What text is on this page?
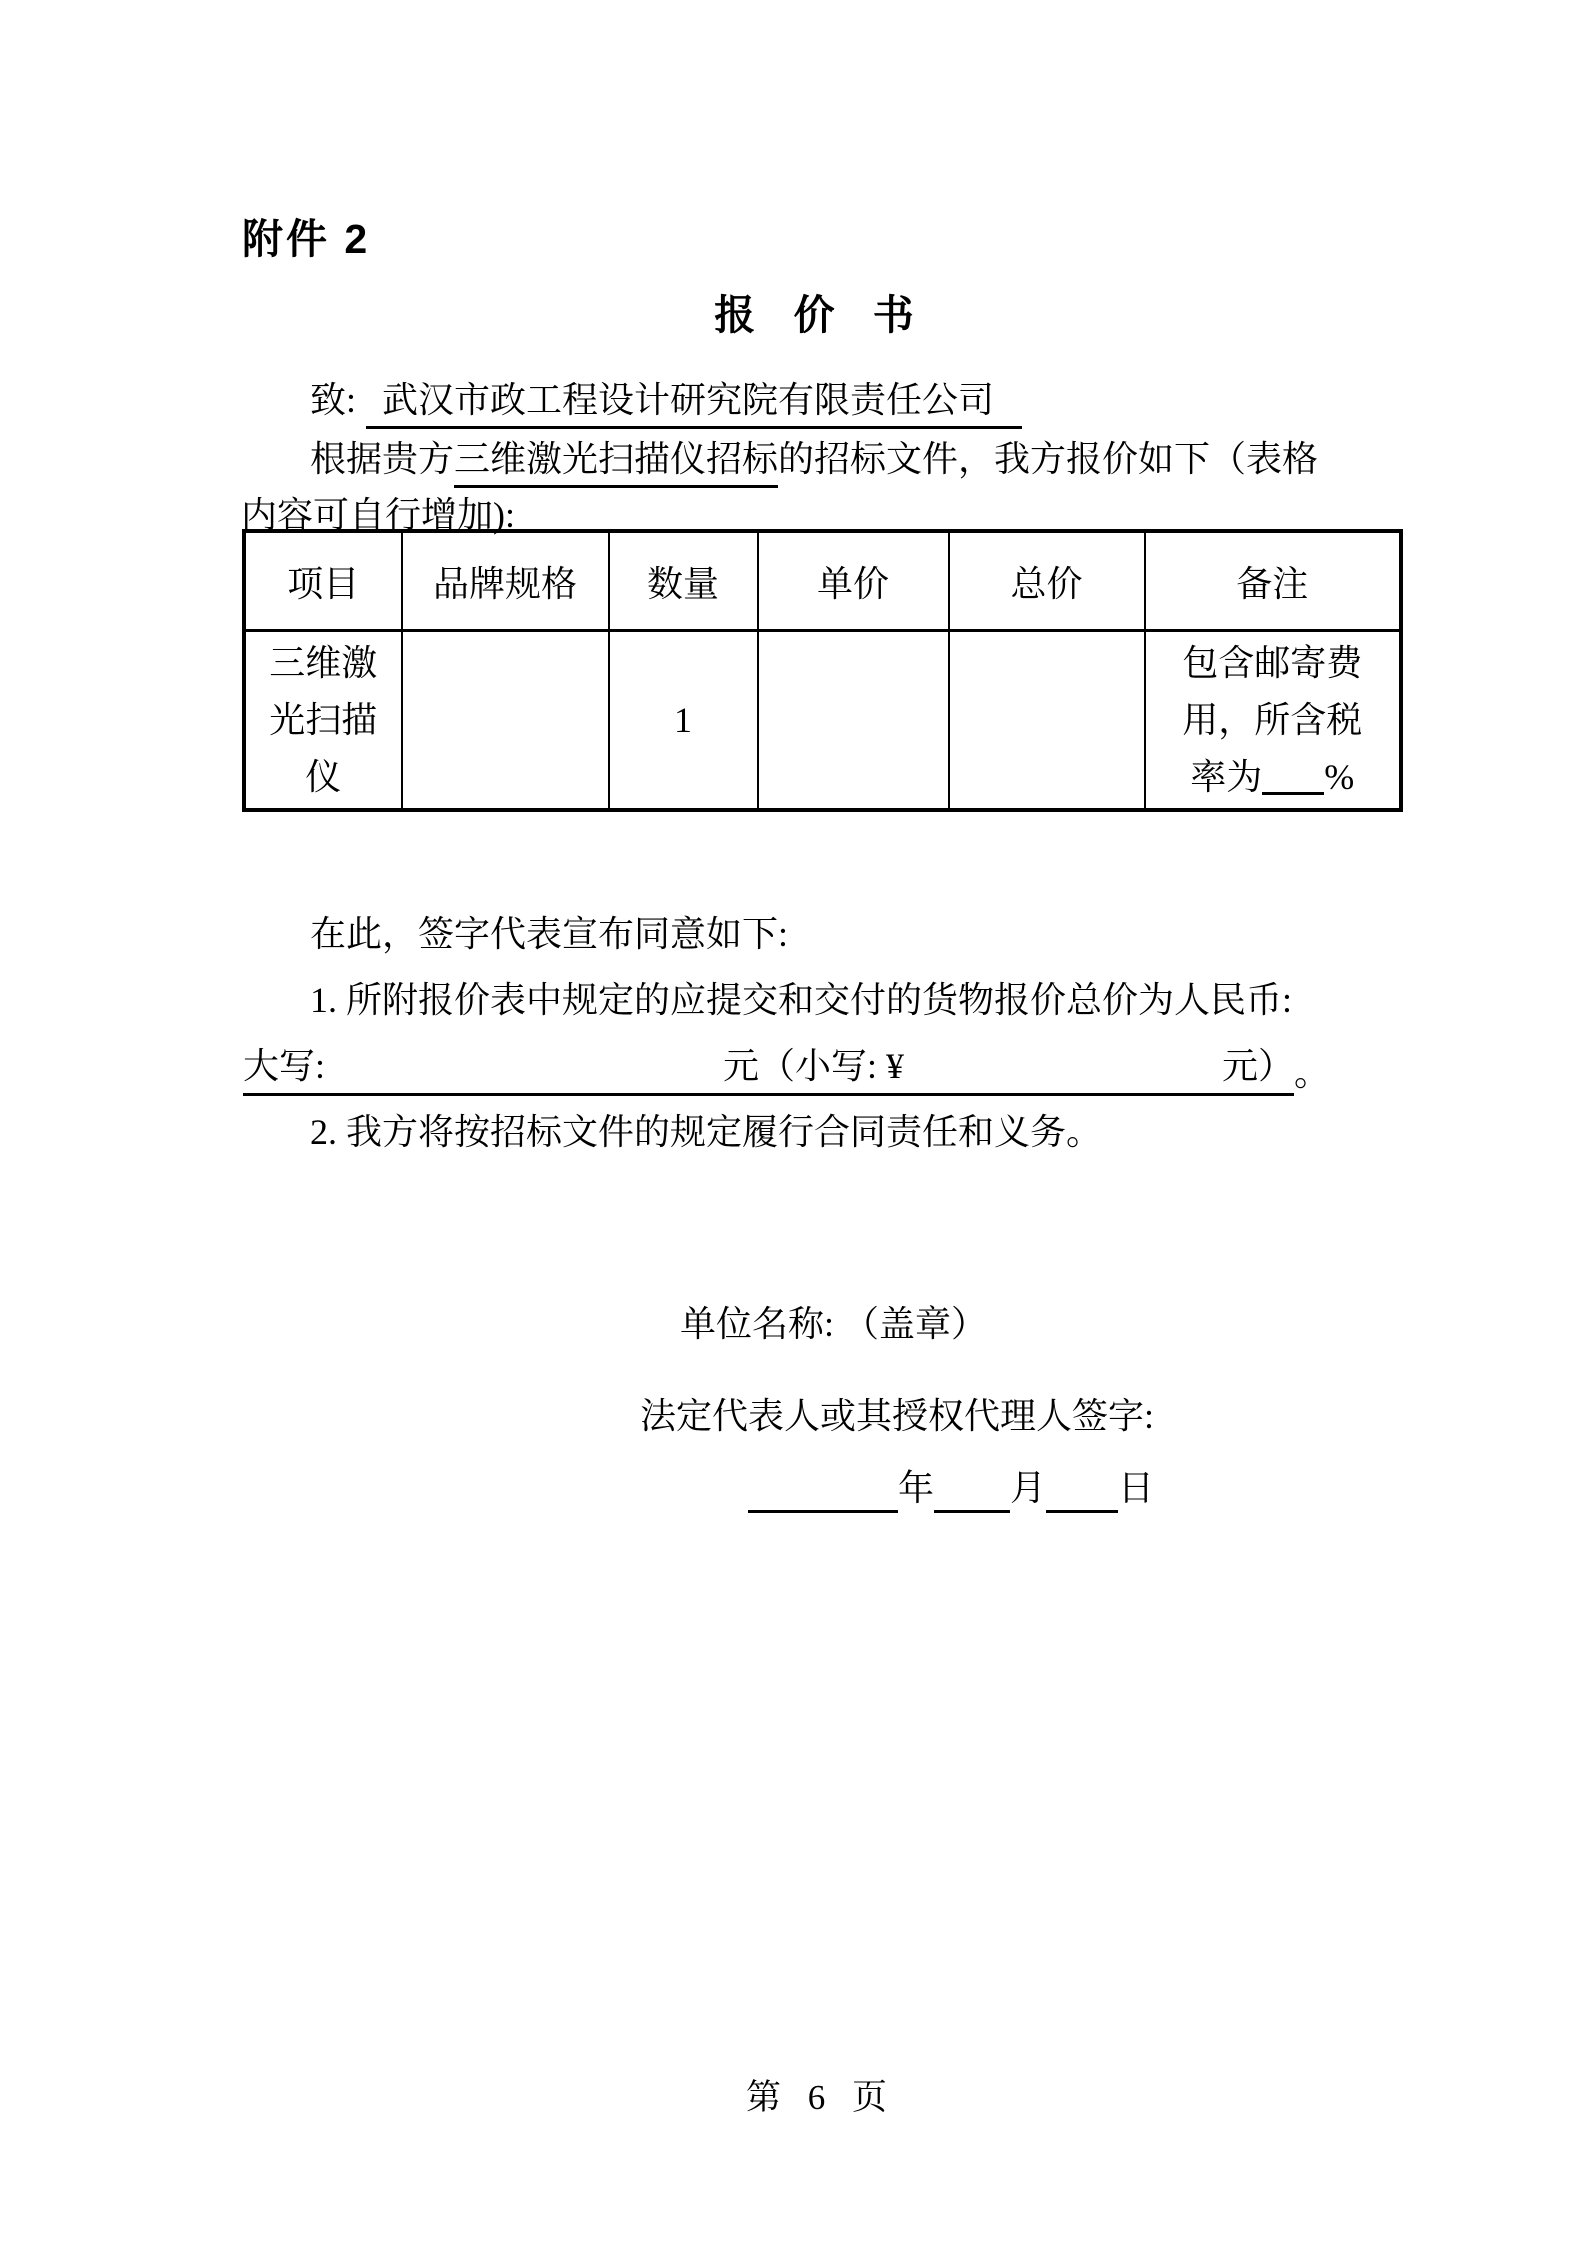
附件 2
报 价 书
致: 武汉市政工程设计研究院有限责任公司
根据贵方三维激光扫描仪招标的招标文件，我方报价如下（表格
内容可自行增加):
项目	品牌规格	数量	单价	总价	备注

三维激光扫描仪		1			包含邮寄费用，所含税率为 %
在此，签字代表宣布同意如下:
1. 所附报价表中规定的应提交和交付的货物报价总价为人民币:
大写:	元（小写: ¥	元） 。
2. 我方将按招标文件的规定履行合同责任和义务。
单位名称: （盖章）
法定代表人或其授权代理人签字:
年 月 日
第 6 页
